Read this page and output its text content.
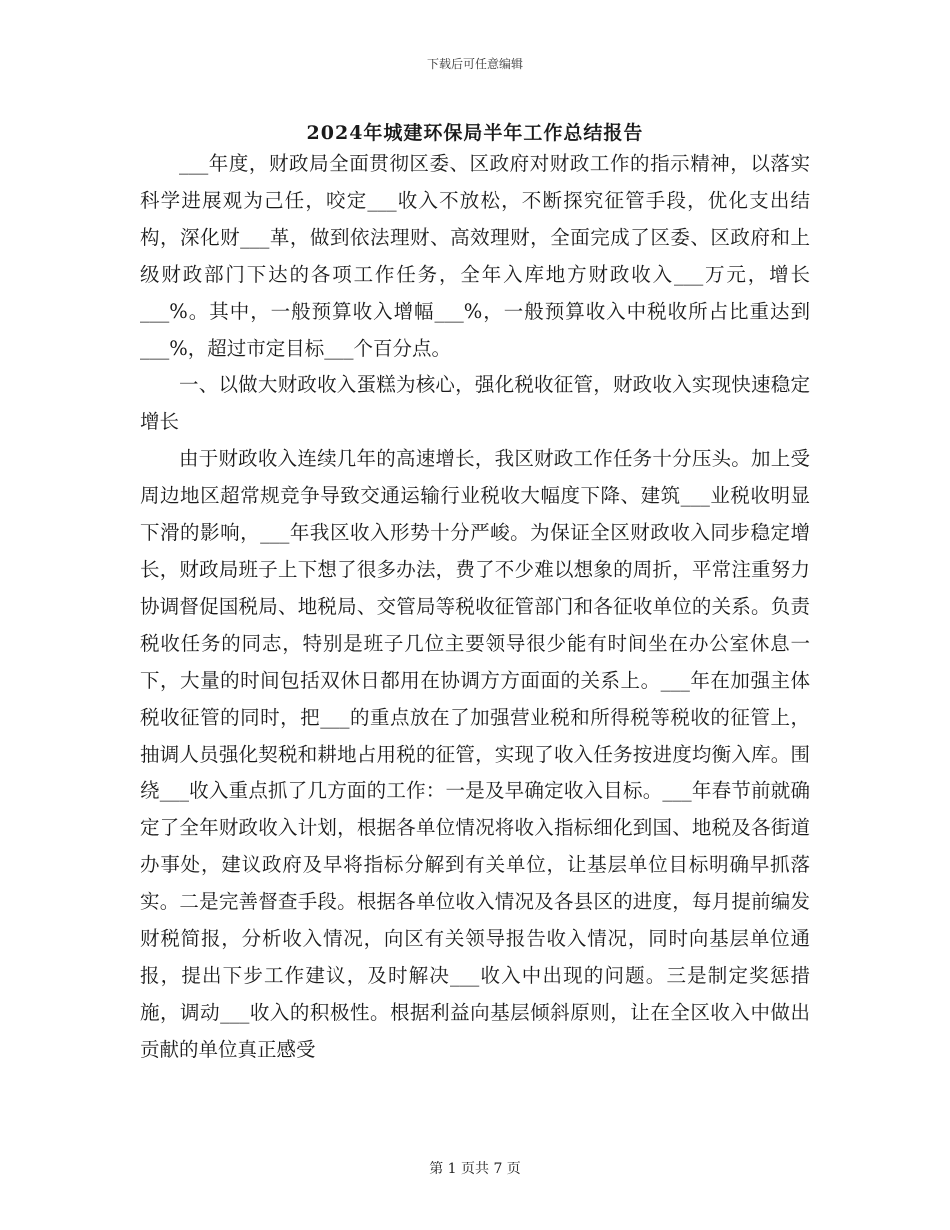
下载后可任意编辑
2024年城建环保局半年工作总结报告

___年度，财政局全面贯彻区委、区政府对财政工作的指示精神，以落实科学进展观为己任，咬定___收入不放松，不断探究征管手段，优化支出结构，深化财___革，做到依法理财、高效理财，全面完成了区委、区政府和上级财政部门下达的各项工作任务，全年入库地方财政收入___万元，增长___%。其中，一般预算收入增幅___%，一般预算收入中税收所占比重达到___%，超过市定目标___个百分点。

一、以做大财政收入蛋糕为核心，强化税收征管，财政收入实现快速稳定增长

由于财政收入连续几年的高速增长，我区财政工作任务十分压头。加上受周边地区超常规竞争导致交通运输行业税收大幅度下降、建筑___业税收明显下滑的影响，___年我区收入形势十分严峻。为保证全区财政收入同步稳定增长，财政局班子上下想了很多办法，费了不少难以想象的周折，平常注重努力协调督促国税局、地税局、交管局等税收征管部门和各征收单位的关系。负责税收任务的同志，特别是班子几位主要领导很少能有时间坐在办公室休息一下，大量的时间包括双休日都用在协调方方面面的关系上。___年在加强主体税收征管的同时，把___的重点放在了加强营业税和所得税等税收的征管上，抽调人员强化契税和耕地占用税的征管，实现了收入任务按进度均衡入库。围绕___收入重点抓了几方面的工作：一是及早确定收入目标。___年春节前就确定了全年财政收入计划，根据各单位情况将收入指标细化到国、地税及各街道办事处，建议政府及早将指标分解到有关单位，让基层单位目标明确早抓落实。二是完善督查手段。根据各单位收入情况及各县区的进度，每月提前编发财税简报，分析收入情况，向区有关领导报告收入情况，同时向基层单位通报，提出下步工作建议，及时解决___收入中出现的问题。三是制定奖惩措施，调动___收入的积极性。根据利益向基层倾斜原则，让在全区收入中做出贡献的单位真正感受

第 1 页共 7 页
